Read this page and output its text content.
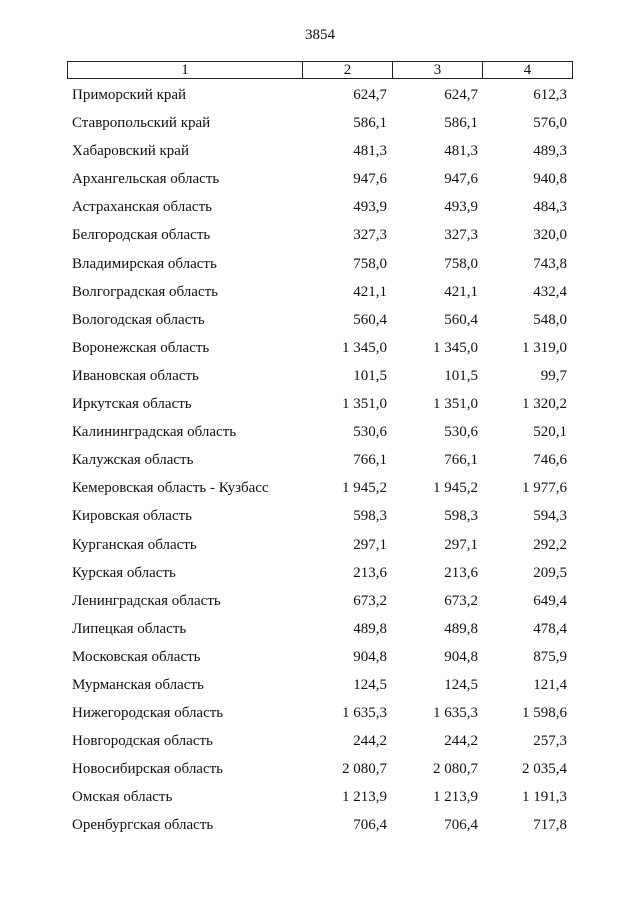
3854
1	2	3	4
Приморский край	624,7	624,7	612,3
Ставропольский край	586,1	586,1	576,0
Хабаровский край	481,3	481,3	489,3
Архангельская область	947,6	947,6	940,8
Астраханская область	493,9	493,9	484,3
Белгородская область	327,3	327,3	320,0
Владимирская область	758,0	758,0	743,8
Волгоградская область	421,1	421,1	432,4
Вологодская область	560,4	560,4	548,0
Воронежская область	1 345,0	1 345,0	1 319,0
Ивановская область	101,5	101,5	99,7
Иркутская область	1 351,0	1 351,0	1 320,2
Калининградская область	530,6	530,6	520,1
Калужская область	766,1	766,1	746,6
Кемеровская область - Кузбасс	1 945,2	1 945,2	1 977,6
Кировская область	598,3	598,3	594,3
Курганская область	297,1	297,1	292,2
Курская область	213,6	213,6	209,5
Ленинградская область	673,2	673,2	649,4
Липецкая область	489,8	489,8	478,4
Московская область	904,8	904,8	875,9
Мурманская область	124,5	124,5	121,4
Нижегородская область	1 635,3	1 635,3	1 598,6
Новгородская область	244,2	244,2	257,3
Новосибирская область	2 080,7	2 080,7	2 035,4
Омская область	1 213,9	1 213,9	1 191,3
Оренбургская область	706,4	706,4	717,8
